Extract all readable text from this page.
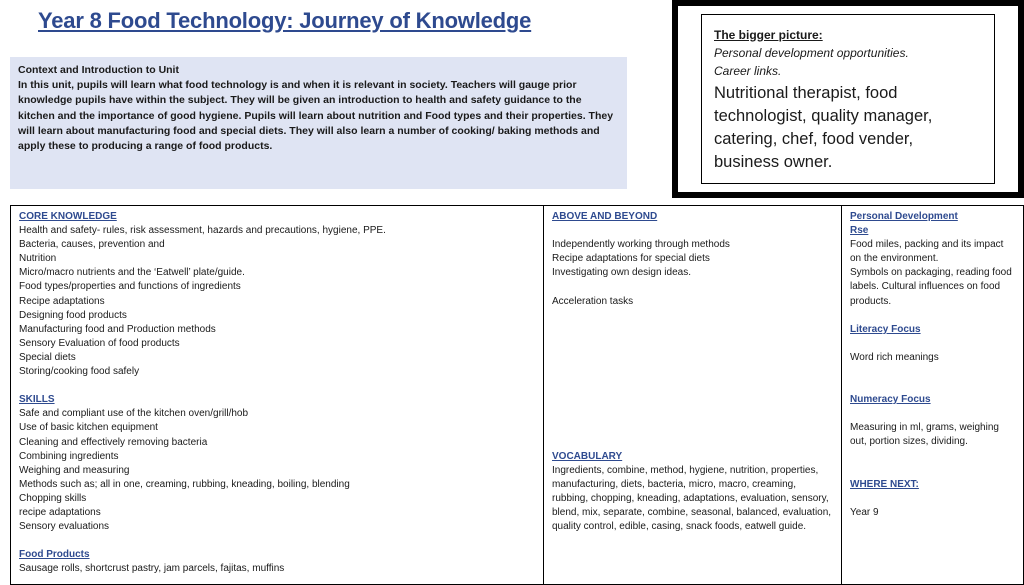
Year 8 Food Technology: Journey of Knowledge

Context and Introduction to Unit

In this unit, pupils will learn what food technology is and when it is relevant in society. Teachers will gauge prior knowledge pupils have within the subject. They will be given an introduction to health and safety guidance to the kitchen and the importance of good hygiene. Pupils will learn about nutrition and Food types and their properties. They will learn about manufacturing food and special diets. They will also learn a number of cooking/ baking methods and apply these to producing a range of food products.

The bigger picture:

Personal development opportunities.

Career links.

Nutritional therapist, food technologist, quality manager, catering, chef, food vender, business owner.

CORE KNOWLEDGE

Health and safety- rules, risk assessment, hazards and precautions, hygiene, PPE.

Bacteria, causes, prevention and

Nutrition

Micro/macro nutrients and the ‘Eatwell’ plate/guide.

Food types/properties and functions of ingredients

Recipe adaptations

Designing food products

Manufacturing food and Production methods

Sensory Evaluation of food products

Special diets

Storing/cooking food safely

SKILLS

Safe and compliant use of the kitchen oven/grill/hob

Use of basic kitchen equipment

Cleaning and effectively removing bacteria

Combining ingredients

Weighing and measuring

Methods such as; all in one, creaming, rubbing, kneading, boiling, blending

Chopping skills

recipe adaptations

Sensory evaluations

Food Products

Sausage rolls, shortcrust pastry, jam parcels, fajitas, muffins

ABOVE AND BEYOND

Independently working through methods

Recipe adaptations for special diets

Investigating own design ideas.

Acceleration tasks

VOCABULARY

Ingredients, combine, method, hygiene, nutrition, properties, manufacturing, diets, bacteria, micro, macro, creaming, rubbing, chopping, kneading, adaptations, evaluation, sensory, blend, mix, separate, combine, seasonal, balanced, evaluation, quality control, edible, casing, snack foods, eatwell guide.

Personal Development

Rse

Food miles, packing and its impact on the environment.

Symbols on packaging, reading food labels. Cultural influences on food products.

Literacy Focus

Word rich meanings

Numeracy Focus

Measuring in ml, grams, weighing out, portion sizes, dividing.

WHERE NEXT:

Year 9
